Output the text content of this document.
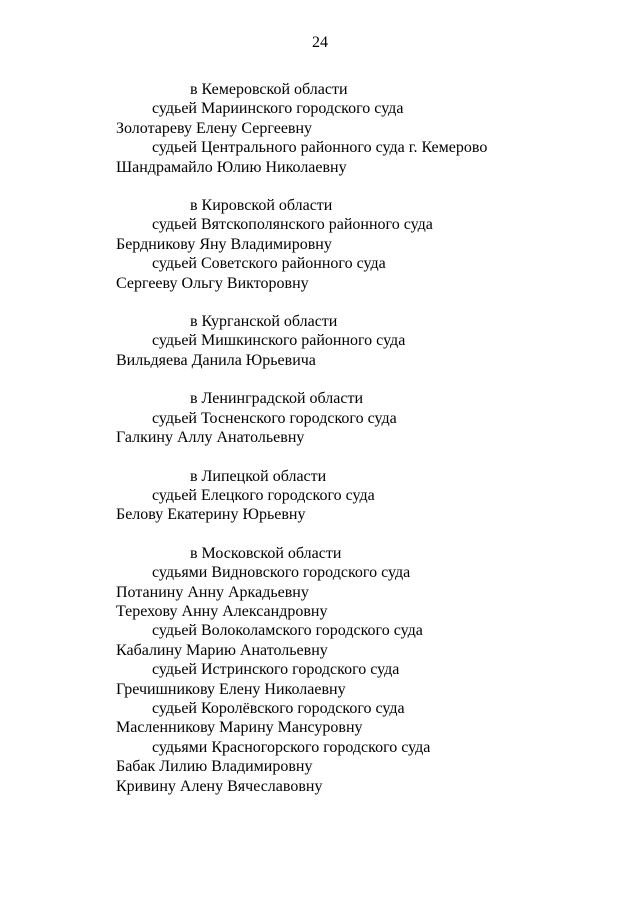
24
в Кемеровской области
судьей Мариинского городского суда
Золотареву Елену Сергеевну
судьей Центрального районного суда г. Кемерово
Шандрамайло Юлию Николаевну
в Кировской области
судьей Вятскополянского районного суда
Бердникову Яну Владимировну
судьей Советского районного суда
Сергееву Ольгу Викторовну
в Курганской области
судьей Мишкинского районного суда
Вильдяева Данила Юрьевича
в Ленинградской области
судьей Тосненского городского суда
Галкину Аллу Анатольевну
в Липецкой области
судьей Елецкого городского суда
Белову Екатерину Юрьевну
в Московской области
судьями Видновского городского суда
Потанину Анну Аркадьевну
Терехову Анну Александровну
судьей Волоколамского городского суда
Кабалину Марию Анатольевну
судьей Истринского городского суда
Гречишникову Елену Николаевну
судьей Королёвского городского суда
Масленникову Марину Мансуровну
судьями Красногорского городского суда
Бабак Лилию Владимировну
Кривину Алену Вячеславовну
